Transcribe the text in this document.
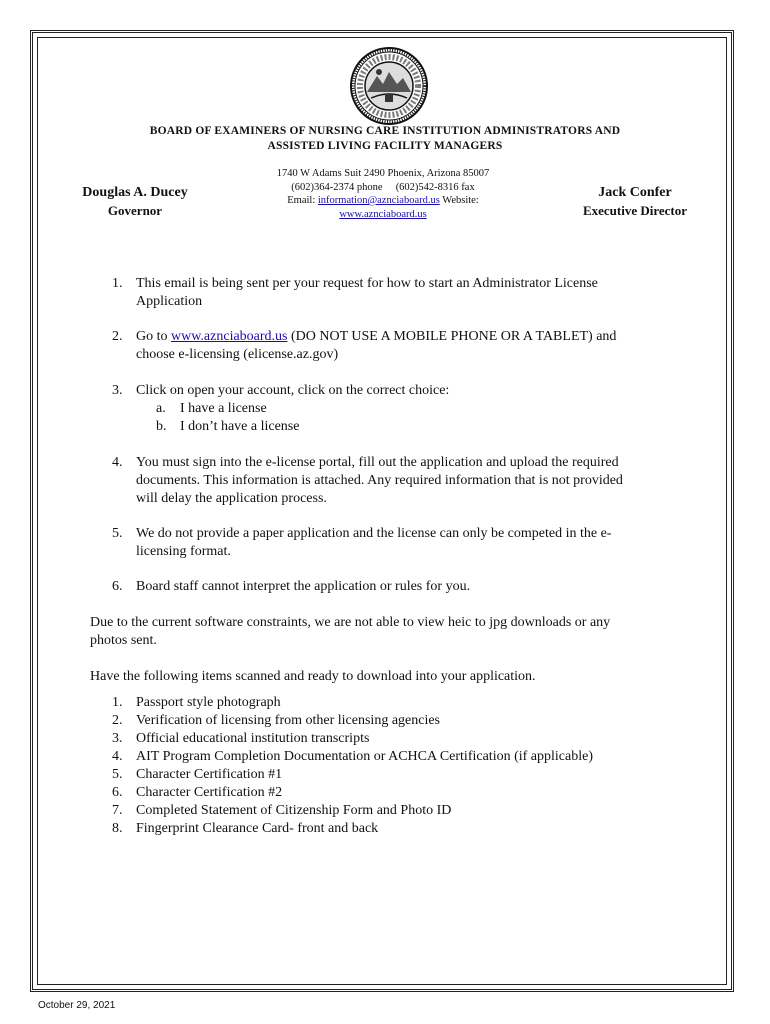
BOARD OF EXAMINERS OF NURSING CARE INSTITUTION ADMINISTRATORS AND
ASSISTED LIVING FACILITY MANAGERS
Douglas A. Ducey
Governor
1740 W Adams Suit 2490 Phoenix, Arizona 85007
(602)364-2374 phone (602)542-8316 fax
Email: information@aznciaboard.us Website:
www.aznciaboard.us
Jack Confer
Executive Director
1. This email is being sent per your request for how to start an Administrator License
Application
2. Go to www.aznciaboard.us (DO NOT USE A MOBILE PHONE OR A TABLET) and
choose e-licensing (elicense.az.gov)
3. Click on open your account, click on the correct choice:
a. I have a license
b. I don’t have a license
4. You must sign into the e-license portal, fill out the application and upload the required
documents. This information is attached. Any required information that is not provided
will delay the application process.
5. We do not provide a paper application and the license can only be competed in the e-
licensing format.
6. Board staff cannot interpret the application or rules for you.
Due to the current software constraints, we are not able to view heic to jpg downloads or any
photos sent.
Have the following items scanned and ready to download into your application.
1. Passport style photograph
2. Verification of licensing from other licensing agencies
3. Official educational institution transcripts
4. AIT Program Completion Documentation or ACHCA Certification (if applicable)
5. Character Certification #1
6. Character Certification #2
7. Completed Statement of Citizenship Form and Photo ID
8. Fingerprint Clearance Card- front and back
October 29, 2021
